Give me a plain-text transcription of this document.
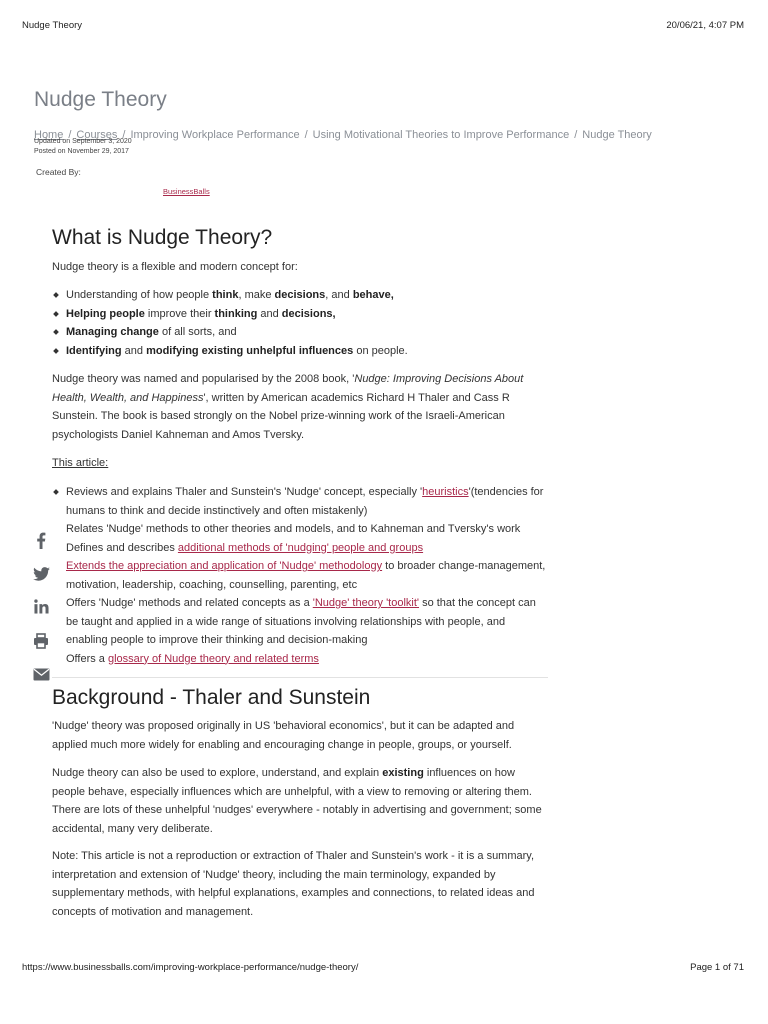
Nudge Theory	20/06/21, 4:07 PM
Nudge Theory
Home / Courses / Improving Workplace Performance / Using Motivational Theories to Improve Performance / Nudge Theory
Updated on September 3, 2020
Posted on November 29, 2017
Created By:
BusinessBalls
What is Nudge Theory?

Nudge theory is a flexible and modern concept for:

Understanding of how people think, make decisions, and behave,
Helping people improve their thinking and decisions,
Managing change of all sorts, and
Identifying and modifying existing unhelpful influences on people.

Nudge theory was named and popularised by the 2008 book, 'Nudge: Improving Decisions About Health, Wealth, and Happiness', written by American academics Richard H Thaler and Cass R Sunstein. The book is based strongly on the Nobel prize-winning work of the Israeli-American psychologists Daniel Kahneman and Amos Tversky.

This article:

Reviews and explains Thaler and Sunstein's 'Nudge' concept, especially 'heuristics'(tendencies for humans to think and decide instinctively and often mistakenly)
Relates 'Nudge' methods to other theories and models, and to Kahneman and Tversky's work
Defines and describes additional methods of 'nudging' people and groups
Extends the appreciation and application of 'Nudge' methodology to broader change-management, motivation, leadership, coaching, counselling, parenting, etc
Offers 'Nudge' methods and related concepts as a 'Nudge' theory 'toolkit' so that the concept can be taught and applied in a wide range of situations involving relationships with people, and enabling people to improve their thinking and decision-making
Offers a glossary of Nudge theory and related terms
Background - Thaler and Sunstein

'Nudge' theory was proposed originally in US 'behavioral economics', but it can be adapted and applied much more widely for enabling and encouraging change in people, groups, or yourself.

Nudge theory can also be used to explore, understand, and explain existing influences on how people behave, especially influences which are unhelpful, with a view to removing or altering them. There are lots of these unhelpful 'nudges' everywhere - notably in advertising and government; some accidental, many very deliberate.

Note: This article is not a reproduction or extraction of Thaler and Sunstein's work - it is a summary, interpretation and extension of 'Nudge' theory, including the main terminology, expanded by supplementary methods, with helpful explanations, examples and connections, to related ideas and concepts of motivation and management.

https://www.businessballs.com/improving-workplace-performance/nudge-theory/	Page 1 of 71
